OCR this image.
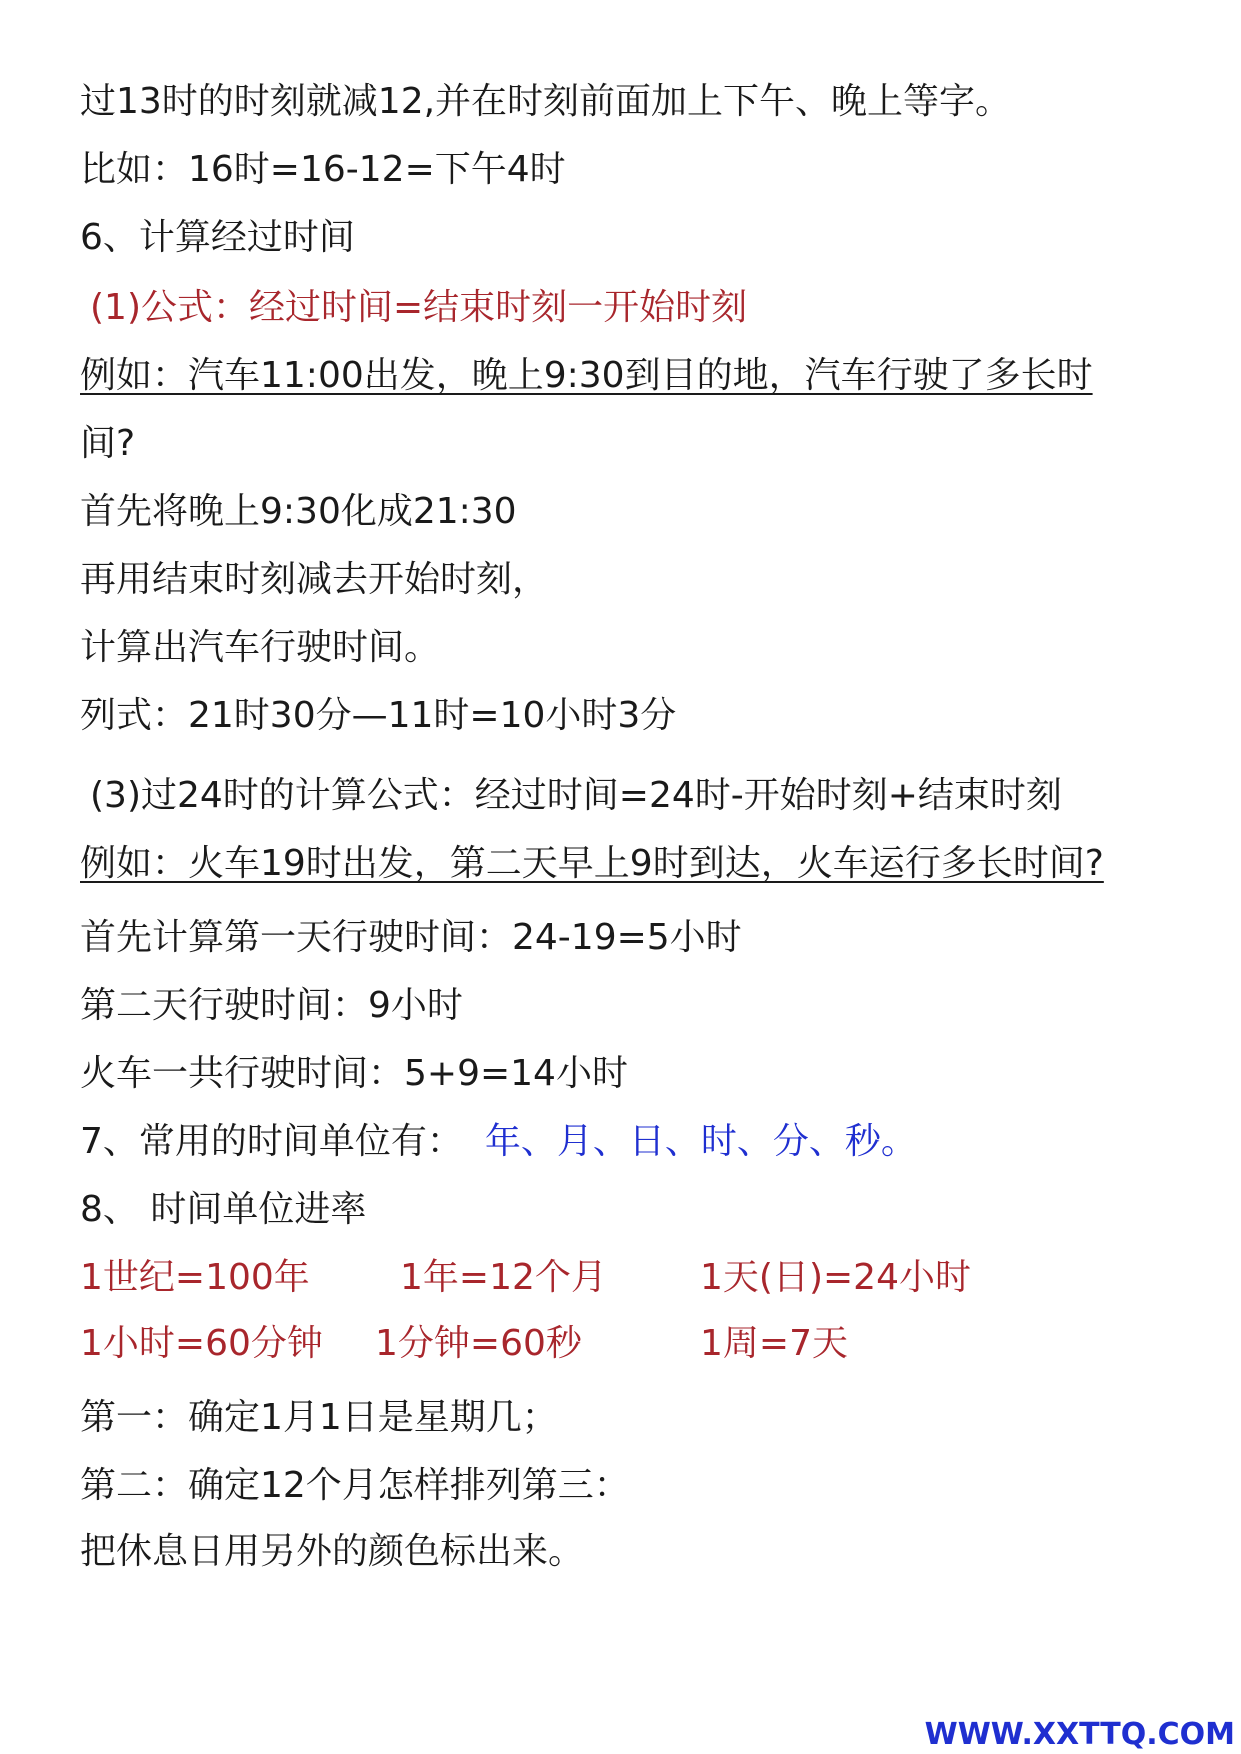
过13时的时刻就减12,并在时刻前面加上下午、晚上等字。
比如：16时=16-12=下午4时
6、计算经过时间
(1)公式：经过时间=结束时刻一开始时刻
例如：汽车11:00出发，晚上9:30到目的地，汽车行驶了多长时
间?
首先将晚上9:30化成21:30
再用结束时刻减去开始时刻，
计算出汽车行驶时间。
列式：21时30分—11时=10小时3分
(3)过24时的计算公式：经过时间=24时-开始时刻+结束时刻
例如：火车19时出发，第二天早上9时到达，火车运行多长时间?
首先计算第一天行驶时间：24-19=5小时
第二天行驶时间：9小时
火车一共行驶时间：5+9=14小时
7、常用的时间单位有： 年、月、日、时、分、秒。
8、 时间单位进率
1世纪=100年	1年=12个月	1天(日)=24小时
1小时=60分钟 1分钟=60秒	1周=7天
第一：确定1月1日是星期几；
第二：确定12个月怎样排列第三：
把休息日用另外的颜色标出来。
WWW.XXTTQ.COM
